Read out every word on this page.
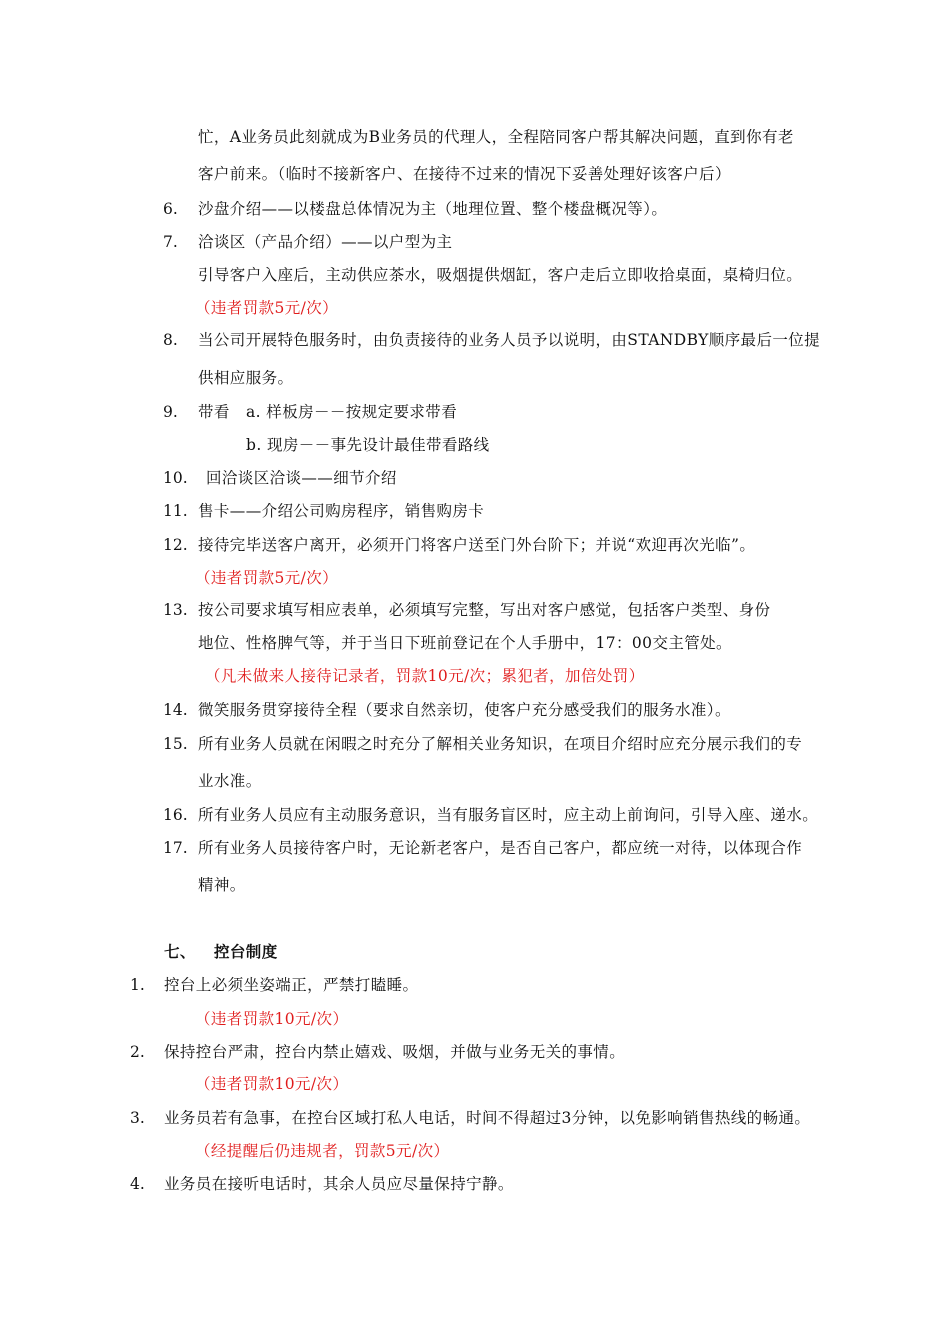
忙，A业务员此刻就成为B业务员的代理人，全程陪同客户帮其解决问题，直到你有老
客户前来。（临时不接新客户、在接待不过来的情况下妥善处理好该客户后）
6. 沙盘介绍——以楼盘总体情况为主（地理位置、整个楼盘概况等）。
7. 洽谈区（产品介绍）——以户型为主
引导客户入座后，主动供应茶水，吸烟提供烟缸，客户走后立即收拾桌面，桌椅归位。
（违者罚款5元/次）
8. 当公司开展特色服务时，由负责接待的业务人员予以说明，由STANDBY顺序最后一位提
供相应服务。
9. 带看 a. 样板房－－按规定要求带看
b. 现房－－事先设计最佳带看路线
10. 回洽谈区洽谈——细节介绍
11. 售卡——介绍公司购房程序，销售购房卡
12. 接待完毕送客户离开，必须开门将客户送至门外台阶下；并说“欢迎再次光临”。
（违者罚款5元/次）
13. 按公司要求填写相应表单，必须填写完整，写出对客户感觉，包括客户类型、身份
地位、性格脾气等，并于当日下班前登记在个人手册中，17：00交主管处。
（凡未做来人接待记录者，罚款10元/次；累犯者，加倍处罚）
14. 微笑服务贯穿接待全程（要求自然亲切，使客户充分感受我们的服务水准）。
15. 所有业务人员就在闲暇之时充分了解相关业务知识，在项目介绍时应充分展示我们的专
业水准。
16. 所有业务人员应有主动服务意识，当有服务盲区时，应主动上前询问，引导入座、递水。
17. 所有业务人员接待客户时，无论新老客户，是否自己客户，都应统一对待，以体现合作
精神。
七、 控台制度
1. 控台上必须坐姿端正，严禁打瞌睡。
（违者罚款10元/次）
2. 保持控台严肃，控台内禁止嬉戏、吸烟，并做与业务无关的事情。
（违者罚款10元/次）
3. 业务员若有急事，在控台区域打私人电话，时间不得超过3分钟，以免影响销售热线的畅通。
（经提醒后仍违规者，罚款5元/次）
4. 业务员在接听电话时，其余人员应尽量保持宁静。
